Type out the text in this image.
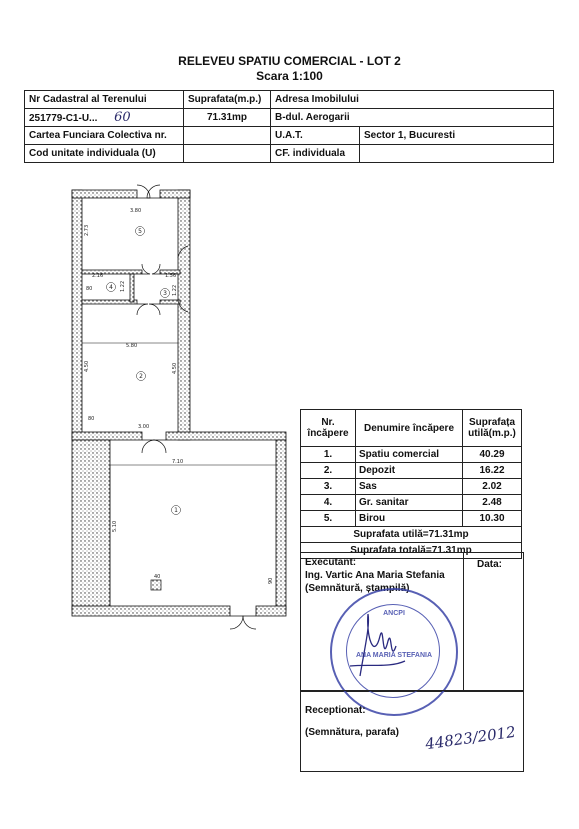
RELEVEU SPATIU COMERCIAL - LOT 2
Scara 1:100
Nr Cadastral al Terenului	Suprafata(m.p.)	Adresa Imobilului	
251779-C1-U... 60	71.31mp	B-dul. Aerogarii	
Cartea Funciara Colectiva nr.		U.A.T.	Sector 1, Bucuresti
Cod unitate individuala (U)		CF. individuala	
3.80
2.73
2.16	1.56
80	1.22	1.22
5.80
4.50	4.50
80
3.00
7.10
5.10
40
90
5
4
3
2
1
Nr. încăpere	Denumire încăpere	Suprafața utilă(m.p.)
1.	Spatiu comercial	40.29
2.	Depozit	16.22
3.	Sas	2.02
4.	Gr. sanitar	2.48
5.	Birou	10.30
Suprafata utilă=71.31mp		
Suprafata totală=71.31mp		
Executant:
Ing. Vartic Ana Maria Stefania
(Semnătură, ștampilă)
Data:
ANCPI
ANA MARIA STEFANIA
Receptionat:
(Semnătura, parafa) 44823/2012
